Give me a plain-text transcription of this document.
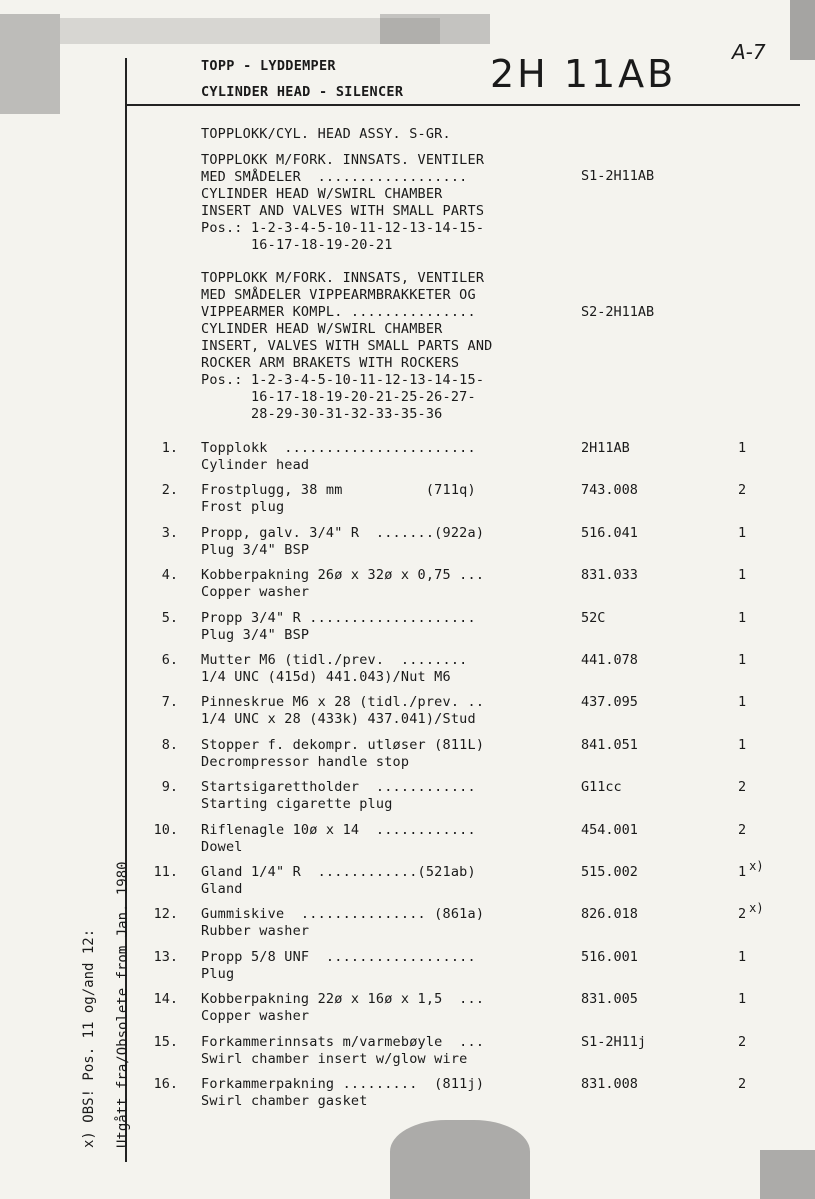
TOPP - LYDDEMPER
CYLINDER HEAD - SILENCER 2H 11AB	A-7
TOPPLOKK/CYL. HEAD ASSY. S-GR.
TOPPLOKK M/FORK. INNSATS. VENTILER
MED SMÅDELER  ..................
CYLINDER HEAD W/SWIRL CHAMBER
INSERT AND VALVES WITH SMALL PARTS
Pos.: 1-2-3-4-5-10-11-12-13-14-15-
16-17-18-19-20-21
S1-2H11AB
TOPPLOKK M/FORK. INNSATS, VENTILER
MED SMÅDELER VIPPEARMBRAKKETER OG
VIPPEARMER KOMPL. ...............
CYLINDER HEAD W/SWIRL CHAMBER
INSERT, VALVES WITH SMALL PARTS AND
ROCKER ARM BRAKETS WITH ROCKERS
Pos.: 1-2-3-4-5-10-11-12-13-14-15-
16-17-18-19-20-21-25-26-27-
28-29-30-31-32-33-35-36
S2-2H11AB
1. Topplokk  .......................
Cylinder head
2H11AB	1
2. Frostplugg, 38 mm          (711q)
Frost plug
743.008	2
3. Propp, galv. 3/4" R  .......(922a)
Plug 3/4" BSP
516.041	1
4. Kobberpakning 26ø x 32ø x 0,75 ...
Copper washer
831.033	1
5. Propp 3/4" R ....................
Plug 3/4" BSP
52C	1
6. Mutter M6 (tidl./prev.  ........
1/4 UNC (415d) 441.043)/Nut M6
441.078	1
7. Pinneskrue M6 x 28 (tidl./prev. ..
1/4 UNC x 28 (433k) 437.041)/Stud
437.095	1
8. Stopper f. dekompr. utløser (811L)
Decrompressor handle stop
841.051	1
9. Startsigarettholder  ............
Starting cigarette plug
G11cc	2
10. Riflenagle 10ø x 14  ............
Dowel
454.001	2
11. Gland 1/4" R  ............(521ab)
Gland
515.002	1 x)
12. Gummiskive  ............... (861a)
Rubber washer
826.018	2 x)
13. Propp 5/8 UNF  ..................
Plug
516.001	1
14. Kobberpakning 22ø x 16ø x 1,5  ...
Copper washer
831.005	1
15. Forkammerinnsats m/varmebøyle  ...
Swirl chamber insert w/glow wire
S1-2H11j	2
16. Forkammerpakning .........  (811j)
Swirl chamber gasket
831.008	2
x) OBS! Pos. 11 og/and 12: Utgått fra/Obsolete from Jan. 1980
